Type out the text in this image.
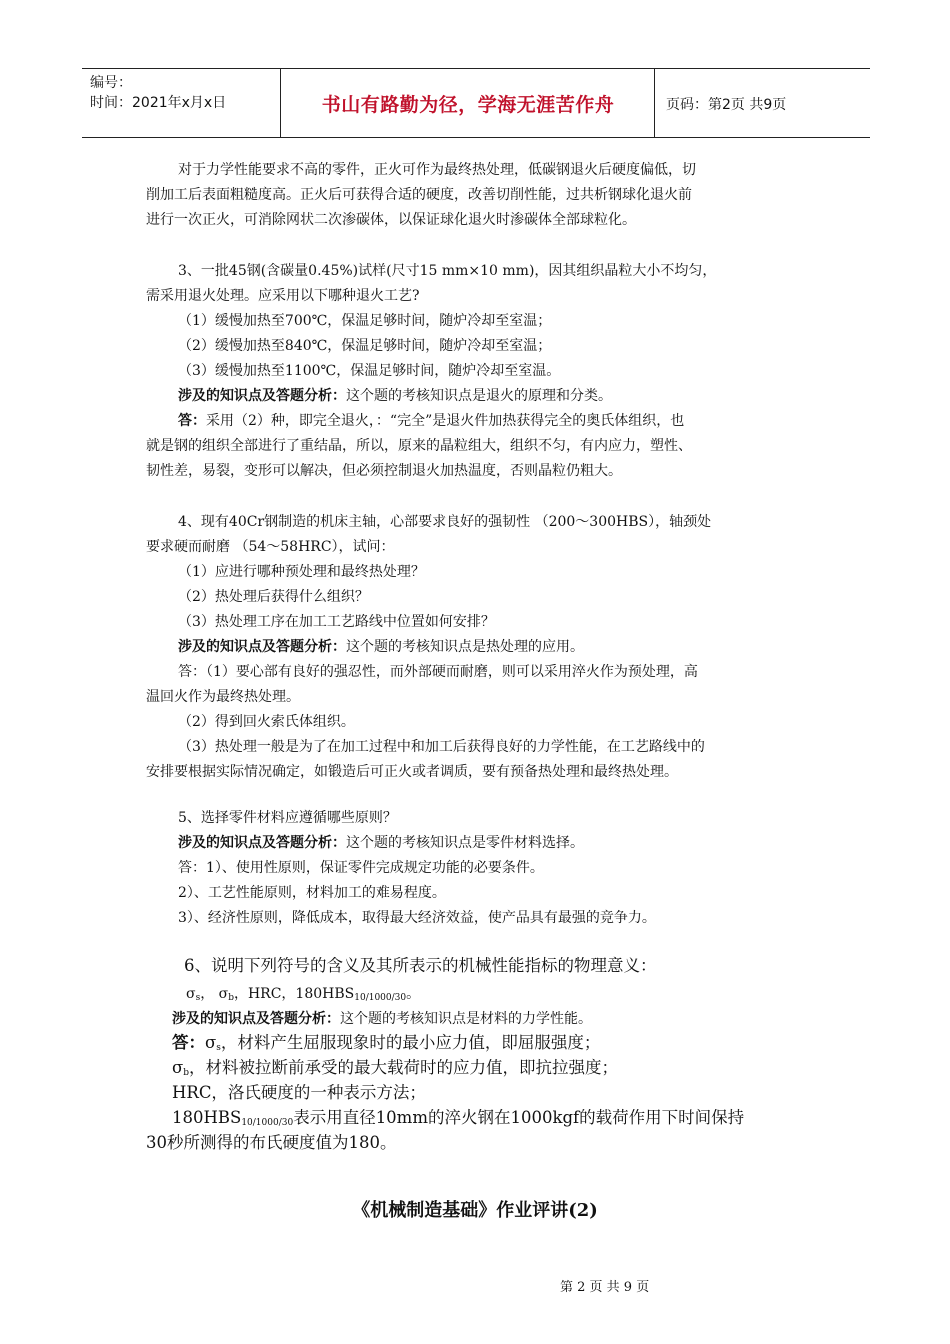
编号：
时间：2021年x月x日	书山有路勤为径，学海无涯苦作舟	页码：第2页 共9页
对于力学性能要求不高的零件，正火可作为最终热处理，低碳钢退火后硬度偏低，切
削加工后表面粗糙度高。正火后可获得合适的硬度，改善切削性能，过共析钢球化退火前
进行一次正火，可消除网状二次渗碳体，以保证球化退火时渗碳体全部球粒化。
3、一批45钢(含碳量0.45%)试样(尺寸15 mm×10 mm)，因其组织晶粒大小不均匀，
需采用退火处理。应采用以下哪种退火工艺?
（1）缓慢加热至700℃，保温足够时间，随炉冷却至室温；
（2）缓慢加热至840℃，保温足够时间，随炉冷却至室温；
（3）缓慢加热至1100℃，保温足够时间，随炉冷却至室温。
涉及的知识点及答题分析：这个题的考核知识点是退火的原理和分类。
答：采用（2）种，即完全退火，：“完全”是退火件加热获得完全的奥氏体组织，也
就是钢的组织全部进行了重结晶，所以，原来的晶粒组大，组织不匀，有内应力，塑性、
韧性差，易裂，变形可以解决，但必须控制退火加热温度，否则晶粒仍粗大。
4、现有40Cr钢制造的机床主轴，心部要求良好的强韧性 （200～300HBS），轴颈处
要求硬而耐磨 （54～58HRC），试问：
（1）应进行哪种预处理和最终热处理？
（2）热处理后获得什么组织？
（3）热处理工序在加工工艺路线中位置如何安排？
涉及的知识点及答题分析：这个题的考核知识点是热处理的应用。
答：（1）要心部有良好的强忍性，而外部硬而耐磨，则可以采用淬火作为预处理，高
温回火作为最终热处理。
（2）得到回火索氏体组织。
（3）热处理一般是为了在加工过程中和加工后获得良好的力学性能，在工艺路线中的
安排要根据实际情况确定，如锻造后可正火或者调质，要有预备热处理和最终热处理。
5、选择零件材料应遵循哪些原则？
涉及的知识点及答题分析：这个题的考核知识点是零件材料选择。
答：1）、使用性原则，保证零件完成规定功能的必要条件。
2）、工艺性能原则，材料加工的难易程度。
3）、经济性原则，降低成本，取得最大经济效益，使产品具有最强的竞争力。
6、说明下列符号的含义及其所表示的机械性能指标的物理意义：
$\sigma_s$， $\sigma_b$，HRC，$180HBS_{10/1000/30}$。
涉及的知识点及答题分析：这个题的考核知识点是材料的力学性能。
答：$\sigma_s$，材料产生屈服现象时的最小应力值，即屈服强度；
$\sigma_b$，材料被拉断前承受的最大载荷时的应力值，即抗拉强度；
HRC，洛氏硬度的一种表示方法；
$180HBS_{10/1000/30}$表示用直径10mm的淬火钢在1000kgf的载荷作用下时间保持
30秒所测得的布氏硬度值为180。
《机械制造基础》作业评讲(2)
第 2 页 共 9 页
